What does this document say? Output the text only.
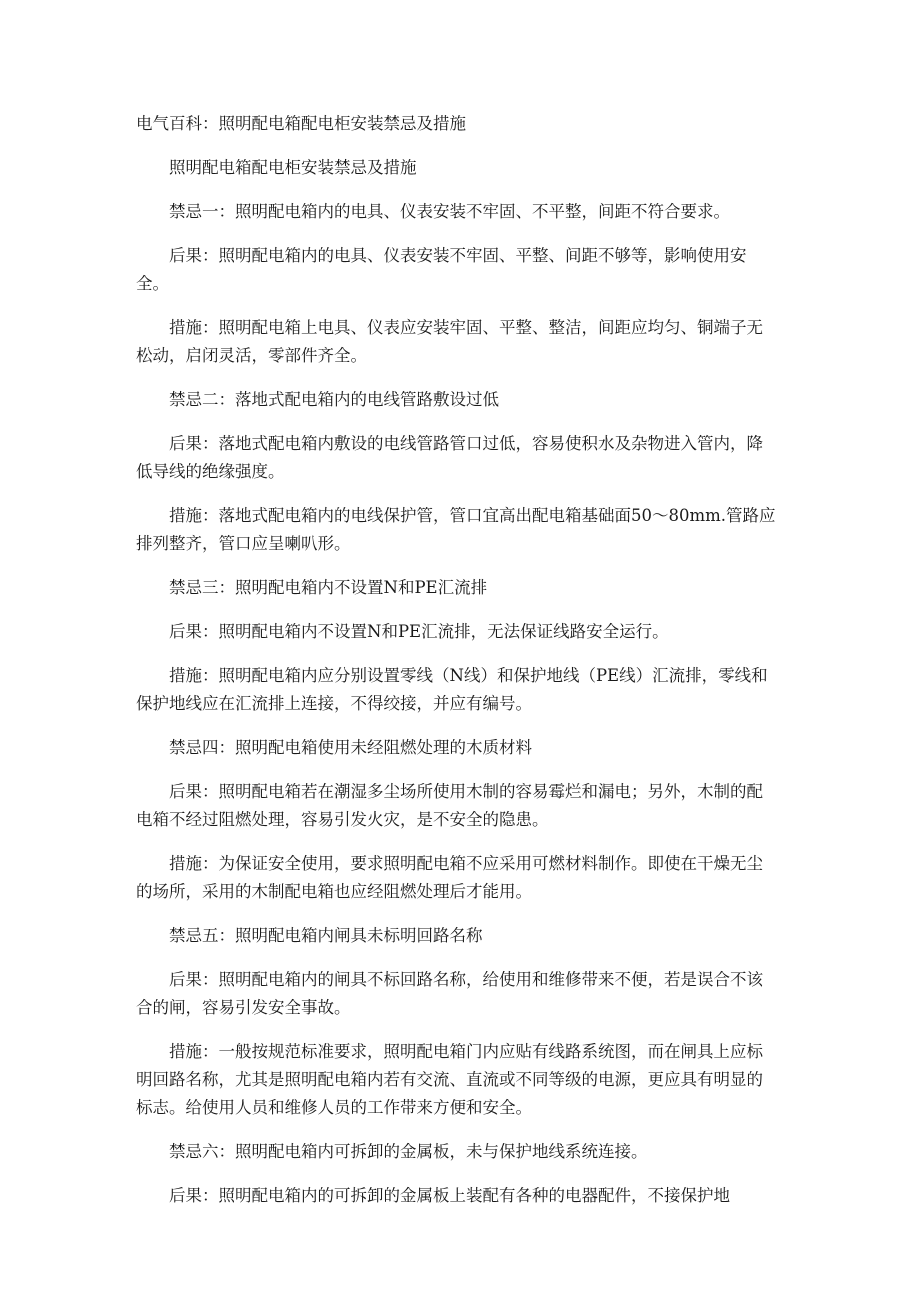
电气百科：照明配电箱配电柜安装禁忌及措施

照明配电箱配电柜安装禁忌及措施

禁忌一：照明配电箱内的电具、仪表安装不牢固、不平整，间距不符合要求。

后果：照明配电箱内的电具、仪表安装不牢固、平整、间距不够等，影响使用安全。

措施：照明配电箱上电具、仪表应安装牢固、平整、整洁，间距应均匀、铜端子无松动，启闭灵活，零部件齐全。

禁忌二：落地式配电箱内的电线管路敷设过低

后果：落地式配电箱内敷设的电线管路管口过低，容易使积水及杂物进入管内，降低导线的绝缘强度。

措施：落地式配电箱内的电线保护管，管口宜高出配电箱基础面50～80mm.管路应排列整齐，管口应呈喇叭形。

禁忌三：照明配电箱内不设置N和PE汇流排

后果：照明配电箱内不设置N和PE汇流排，无法保证线路安全运行。

措施：照明配电箱内应分别设置零线（N线）和保护地线（PE线）汇流排，零线和保护地线应在汇流排上连接，不得绞接，并应有编号。

禁忌四：照明配电箱使用未经阻燃处理的木质材料

后果：照明配电箱若在潮湿多尘场所使用木制的容易霉烂和漏电；另外，木制的配电箱不经过阻燃处理，容易引发火灾，是不安全的隐患。

措施：为保证安全使用，要求照明配电箱不应采用可燃材料制作。即使在干燥无尘的场所，采用的木制配电箱也应经阻燃处理后才能用。

禁忌五：照明配电箱内闸具未标明回路名称

后果：照明配电箱内的闸具不标回路名称，给使用和维修带来不便，若是误合不该合的闸，容易引发安全事故。

措施：一般按规范标准要求，照明配电箱门内应贴有线路系统图，而在闸具上应标明回路名称，尤其是照明配电箱内若有交流、直流或不同等级的电源，更应具有明显的标志。给使用人员和维修人员的工作带来方便和安全。

禁忌六：照明配电箱内可拆卸的金属板，未与保护地线系统连接。

后果：照明配电箱内的可拆卸的金属板上装配有各种的电器配件，不接保护地
